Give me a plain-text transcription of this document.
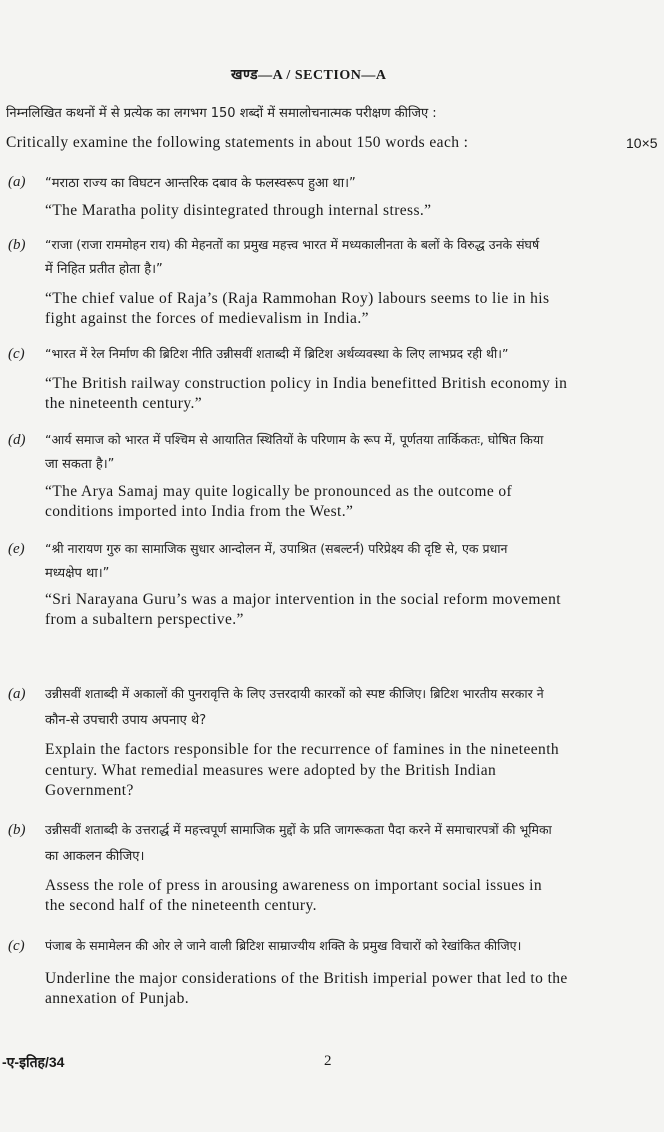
खण्ड—A / SECTION—A
निम्नलिखित कथनों में से प्रत्येक का लगभग 150 शब्दों में समालोचनात्मक परीक्षण कीजिए :
Critically examine the following statements in about 150 words each :	10×5
(a) “मराठा राज्य का विघटन आन्तरिक दबाव के फलस्वरूप हुआ था।”
“The Maratha polity disintegrated through internal stress.”
(b) “राजा (राजा राममोहन राय) की मेहनतों का प्रमुख महत्त्व भारत में मध्यकालीनता के बलों के विरुद्ध उनके संघर्ष
में निहित प्रतीत होता है।”
“The chief value of Raja’s (Raja Rammohan Roy) labours seems to lie in his
fight against the forces of medievalism in India.”
(c) “भारत में रेल निर्माण की ब्रिटिश नीति उन्नीसवीं शताब्दी में ब्रिटिश अर्थव्यवस्था के लिए लाभप्रद रही थी।”
“The British railway construction policy in India benefitted British economy in
the nineteenth century.”
(d) “आर्य समाज को भारत में पश्चिम से आयातित स्थितियों के परिणाम के रूप में, पूर्णतया तार्किकतः, घोषित किया
जा सकता है।”
“The Arya Samaj may quite logically be pronounced as the outcome of
conditions imported into India from the West.”
(e) “श्री नारायण गुरु का सामाजिक सुधार आन्दोलन में, उपाश्रित (सबल्टर्न) परिप्रेक्ष्य की दृष्टि से, एक प्रधान
मध्यक्षेप था।”
“Sri Narayana Guru’s was a major intervention in the social reform movement
from a subaltern perspective.”
(a) उन्नीसवीं शताब्दी में अकालों की पुनरावृत्ति के लिए उत्तरदायी कारकों को स्पष्ट कीजिए। ब्रिटिश भारतीय सरकार ने
कौन-से उपचारी उपाय अपनाए थे?
Explain the factors responsible for the recurrence of famines in the nineteenth
century. What remedial measures were adopted by the British Indian
Government?
(b) उन्नीसवीं शताब्दी के उत्तरार्द्ध में महत्त्वपूर्ण सामाजिक मुद्दों के प्रति जागरूकता पैदा करने में समाचारपत्रों की भूमिका
का आकलन कीजिए।
Assess the role of press in arousing awareness on important social issues in
the second half of the nineteenth century.
(c) पंजाब के समामेलन की ओर ले जाने वाली ब्रिटिश साम्राज्यीय शक्ति के प्रमुख विचारों को रेखांकित कीजिए।
Underline the major considerations of the British imperial power that led to the
annexation of Punjab.
-ए-इतिह/34	2
